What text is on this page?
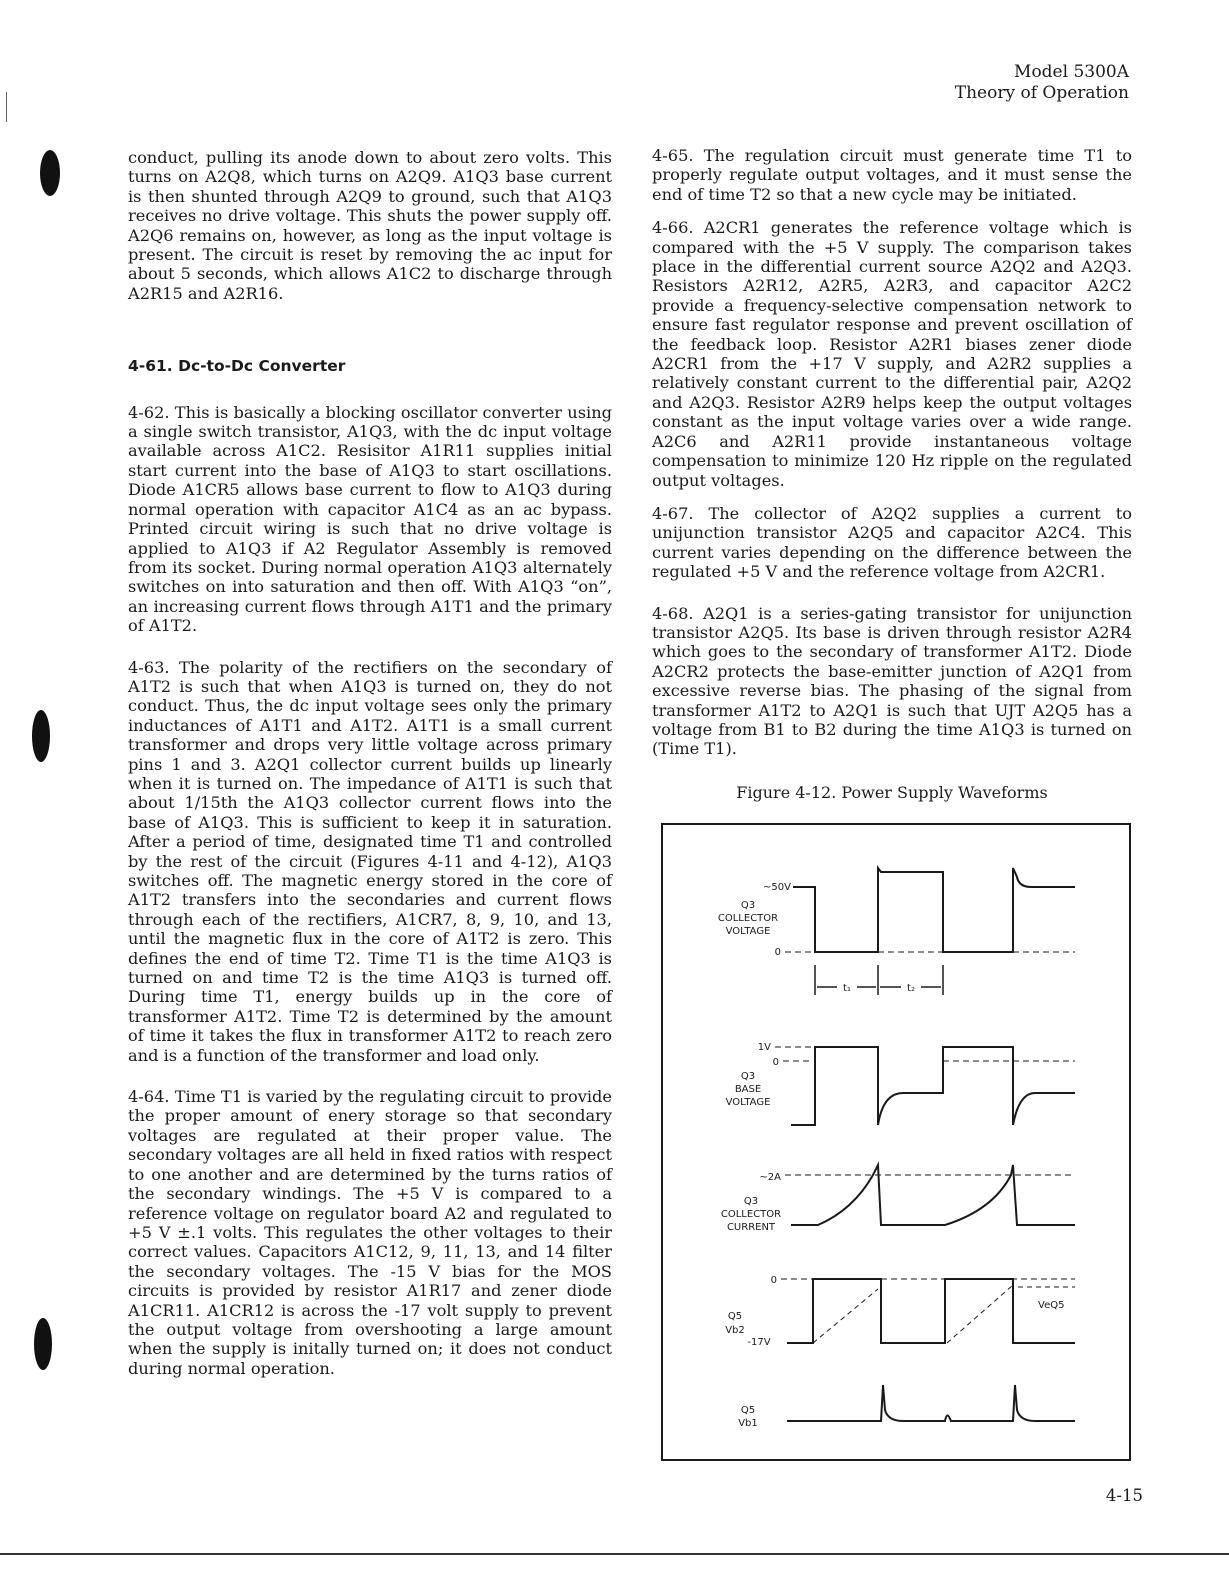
Model 5300A
Theory of Operation

conduct, pulling its anode down to about zero volts. This turns on A2Q8, which turns on A2Q9. A1Q3 base current is then shunted through A2Q9 to ground, such that A1Q3 receives no drive voltage. This shuts the power supply off. A2Q6 remains on, however, as long as the input voltage is present. The circuit is reset by removing the ac input for about 5 seconds, which allows A1C2 to discharge through A2R15 and A2R16.

4-61. Dc-to-Dc Converter

4-62. This is basically a blocking oscillator converter using a single switch transistor, A1Q3, with the dc input voltage available across A1C2. Resisitor A1R11 supplies initial start current into the base of A1Q3 to start oscillations. Diode A1CR5 allows base current to flow to A1Q3 during normal operation with capacitor A1C4 as an ac bypass. Printed circuit wiring is such that no drive voltage is applied to A1Q3 if A2 Regulator Assembly is removed from its socket. During normal operation A1Q3 alternately switches on into saturation and then off. With A1Q3 “on”, an increasing current flows through A1T1 and the primary of A1T2.

4-63. The polarity of the rectifiers on the secondary of A1T2 is such that when A1Q3 is turned on, they do not conduct. Thus, the dc input voltage sees only the primary inductances of A1T1 and A1T2. A1T1 is a small current transformer and drops very little voltage across primary pins 1 and 3. A2Q1 collector current builds up linearly when it is turned on. The impedance of A1T1 is such that about 1/15th the A1Q3 collector current flows into the base of A1Q3. This is sufficient to keep it in saturation. After a period of time, designated time T1 and controlled by the rest of the circuit (Figures 4-11 and 4-12), A1Q3 switches off. The magnetic energy stored in the core of A1T2 transfers into the secondaries and current flows through each of the rectifiers, A1CR7, 8, 9, 10, and 13, until the magnetic flux in the core of A1T2 is zero. This defines the end of time T2. Time T1 is the time A1Q3 is turned on and time T2 is the time A1Q3 is turned off. During time T1, energy builds up in the core of transformer A1T2. Time T2 is determined by the amount of time it takes the flux in transformer A1T2 to reach zero and is a function of the transformer and load only.

4-64. Time T1 is varied by the regulating circuit to provide the proper amount of enery storage so that secondary voltages are regulated at their proper value. The secondary voltages are all held in fixed ratios with respect to one another and are determined by the turns ratios of the secondary windings. The +5 V is compared to a reference voltage on regulator board A2 and regulated to +5 V ±.1 volts. This regulates the other voltages to their correct values. Capacitors A1C12, 9, 11, 13, and 14 filter the secondary voltages. The -15 V bias for the MOS circuits is provided by resistor A1R17 and zener diode A1CR11. A1CR12 is across the -17 volt supply to prevent the output voltage from overshooting a large amount when the supply is initally turned on; it does not conduct during normal operation.

4-65. The regulation circuit must generate time T1 to properly regulate output voltages, and it must sense the end of time T2 so that a new cycle may be initiated.

4-66. A2CR1 generates the reference voltage which is compared with the +5 V supply. The comparison takes place in the differential current source A2Q2 and A2Q3. Resistors A2R12, A2R5, A2R3, and capacitor A2C2 provide a frequency-selective compensation network to ensure fast regulator response and prevent oscillation of the feedback loop. Resistor A2R1 biases zener diode A2CR1 from the +17 V supply, and A2R2 supplies a relatively constant current to the differential pair, A2Q2 and A2Q3. Resistor A2R9 helps keep the output voltages constant as the input voltage varies over a wide range. A2C6 and A2R11 provide instantaneous voltage compensation to minimize 120 Hz ripple on the regulated output voltages.

4-67. The collector of A2Q2 supplies a current to unijunction transistor A2Q5 and capacitor A2C4. This current varies depending on the difference between the regulated +5 V and the reference voltage from A2CR1.

4-68. A2Q1 is a series-gating transistor for unijunction transistor A2Q5. Its base is driven through resistor A2R4 which goes to the secondary of transformer A1T2. Diode A2CR2 protects the base-emitter junction of A2Q1 from excessive reverse bias. The phasing of the signal from transformer A1T2 to A2Q1 is such that UJT A2Q5 has a voltage from B1 to B2 during the time A1Q3 is turned on (Time T1).

Figure 4-12. Power Supply Waveforms
~50V
Q3
COLLECTOR
VOLTAGE
0
t₁	t₂
1V
0
Q3
BASE
VOLTAGE
~2A
Q3
COLLECTOR
CURRENT
0
Q5
Vb2
-17V
VeQ5
Q5
Vb1
4-15
